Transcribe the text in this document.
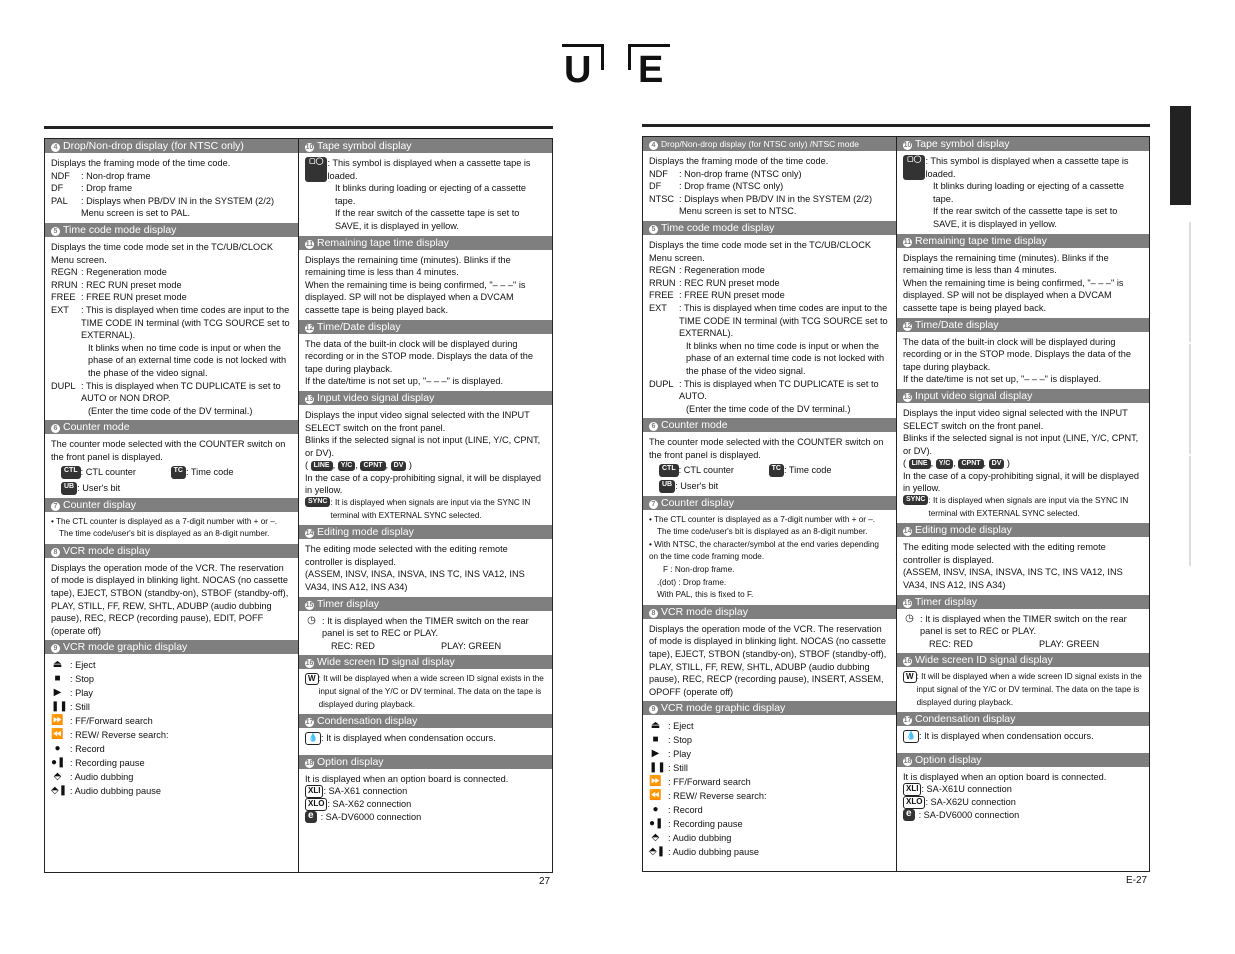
U E
4 Drop/Non-drop display (for NTSC only)

Displays the framing mode of the time code.

NDF	: Non-drop frame
DF	: Drop frame
PAL	: Displays when PB/DV IN in the SYSTEM (2/2) Menu screen is set to PAL.
5 Time code mode display

Displays the time code mode set in the TC/UB/CLOCK Menu screen.

REGN : Regeneration mode
RRUN : REC RUN preset mode
FREE : FREE RUN preset mode
EXT	: This is displayed when time codes are input to the TIME CODE IN terminal (with TCG SOURCE set to EXTERNAL).

It blinks when no time code is input or when the phase of an external time code is not locked with the phase of the video signal.

DUPL : This is displayed when TC DUPLICATE is set to AUTO or NON DROP.

(Enter the time code of the DV terminal.)

6 Counter mode

The counter mode selected with the COUNTER switch on the front panel is displayed.

CTL : CTL counter	TC : Time code
UB : User's bit
7 Counter display

• The CTL counter is displayed as a 7-digit number with + or –.

The time code/user's bit is displayed as an 8-digit number.

8 VCR mode display

Displays the operation mode of the VCR. The reservation of mode is displayed in blinking light. NOCAS (no cassette tape), EJECT, STBON (standby-on), STBOF (standby-off), PLAY, STILL, FF, REW, SHTL, ADUBP (audio dubbing pause), REC, RECP (recording pause), EDIT, POFF (operate off)

9 VCR mode graphic display
⏏ : Eject
■	: Stop
▶ : Play
❚❚ : Still
⏩ : FF/Forward search
⏪ : REW/ Reverse search:
●	: Record
●❚ : Recording pause
⬘ : Audio dubbing
⬘❚ : Audio dubbing pause
10 Tape symbol display
▢◯ : This symbol is displayed when a cassette tape is loaded.

It blinks during loading or ejecting of a cassette tape.

If the rear switch of the cassette tape is set to SAVE, it is displayed in yellow.

11 Remaining tape time display

Displays the remaining time (minutes). Blinks if the remaining time is less than 4 minutes.

When the remaining time is being confirmed, "– – –" is displayed. SP will not be displayed when a DVCAM cassette tape is being played back.

12 Time/Date display

The data of the built-in clock will be displayed during recording or in the STOP mode. Displays the data of the tape during playback.

If the date/time is not set up, "– – –" is displayed.

13 Input video signal display

Displays the input video signal selected with the INPUT SELECT switch on the front panel.

Blinks if the selected signal is not input (LINE, Y/C, CPNT, or DV).

( LINE , Y/C , CPNT , DV )

In the case of a copy-prohibiting signal, it will be displayed in yellow.

SYNC : It is displayed when signals are input via the SYNC IN terminal with EXTERNAL SYNC selected.
14 Editing mode display

The editing mode selected with the editing remote controller is displayed.

(ASSEM, INSV, INSA, INSVA, INS TC, INS VA12, INS VA34, INS A12, INS A34)

15 Timer display
◷ : It is displayed when the TIMER switch on the rear panel is set to REC or PLAY.
REC: RED	PLAY: GREEN
16 Wide screen ID signal display
W : It will be displayed when a wide screen ID signal exists in the input signal of the Y/C or DV terminal. The data on the tape is displayed during playback.
17 Condensation display
💧 : It is displayed when condensation occurs.
18 Option display

It is displayed when an option board is connected.

XLI : SA-X61 connection
XLO : SA-X62 connection
e : SA-DV6000 connection
27
4 Drop/Non-drop display (for NTSC only) /NTSC mode

Displays the framing mode of the time code.

NDF	: Non-drop frame (NTSC only)
DF	: Drop frame (NTSC only)
NTSC : Displays when PB/DV IN in the SYSTEM (2/2) Menu screen is set to NTSC.
5 Time code mode display

Displays the time code mode set in the TC/UB/CLOCK Menu screen.

REGN : Regeneration mode
RRUN : REC RUN preset mode
FREE : FREE RUN preset mode
EXT	: This is displayed when time codes are input to the TIME CODE IN terminal (with TCG SOURCE set to EXTERNAL).

It blinks when no time code is input or when the phase of an external time code is not locked with the phase of the video signal.

DUPL : This is displayed when TC DUPLICATE is set to AUTO.

(Enter the time code of the DV terminal.)

6 Counter mode

The counter mode selected with the COUNTER switch on the front panel is displayed.

CTL : CTL counter	TC : Time code
UB : User's bit
7 Counter display

• The CTL counter is displayed as a 7-digit number with + or –.

The time code/user's bit is displayed as an 8-digit number.

• With NTSC, the character/symbol at the end varies depending on the time code framing mode.

F : Non-drop frame.

.(dot) : Drop frame.

With PAL, this is fixed to F.

8 VCR mode display

Displays the operation mode of the VCR. The reservation of mode is displayed in blinking light. NOCAS (no cassette tape), EJECT, STBON (standby-on), STBOF (standby-off), PLAY, STILL, FF, REW, SHTL, ADUBP (audio dubbing pause), REC, RECP (recording pause), INSERT, ASSEM, OPOFF (operate off)

9 VCR mode graphic display
⏏ : Eject
■	: Stop
▶ : Play
❚❚ : Still
⏩ : FF/Forward search
⏪ : REW/ Reverse search:
●	: Record
●❚ : Recording pause
⬘ : Audio dubbing
⬘❚ : Audio dubbing pause
10 Tape symbol display
▢◯ : This symbol is displayed when a cassette tape is loaded.

It blinks during loading or ejecting of a cassette tape.

If the rear switch of the cassette tape is set to SAVE, it is displayed in yellow.

11 Remaining tape time display

Displays the remaining time (minutes). Blinks if the remaining time is less than 4 minutes.

When the remaining time is being confirmed, "– – –" is displayed. SP will not be displayed when a DVCAM cassette tape is being played back.

12 Time/Date display

The data of the built-in clock will be displayed during recording or in the STOP mode. Displays the data of the tape during playback.

If the date/time is not set up, "– – –" is displayed.

13 Input video signal display

Displays the input video signal selected with the INPUT SELECT switch on the front panel.

Blinks if the selected signal is not input (LINE, Y/C, CPNT, or DV).

( LINE , Y/C , CPNT , DV )

In the case of a copy-prohibiting signal, it will be displayed in yellow.

SYNC : It is displayed when signals are input via the SYNC IN terminal with EXTERNAL SYNC selected.
14 Editing mode display

The editing mode selected with the editing remote controller is displayed.

(ASSEM, INSV, INSA, INSVA, INS TC, INS VA12, INS VA34, INS A12, INS A34)

15 Timer display
◷ : It is displayed when the TIMER switch on the rear panel is set to REC or PLAY.
REC: RED	PLAY: GREEN
16 Wide screen ID signal display
W : It will be displayed when a wide screen ID signal exists in the input signal of the Y/C or DV terminal. The data on the tape is displayed during playback.
17 Condensation display
💧 : It is displayed when condensation occurs.
18 Option display

It is displayed when an option board is connected.

XLI : SA-X61U connection
XLO : SA-X62U connection
e : SA-DV6000 connection
E-27
